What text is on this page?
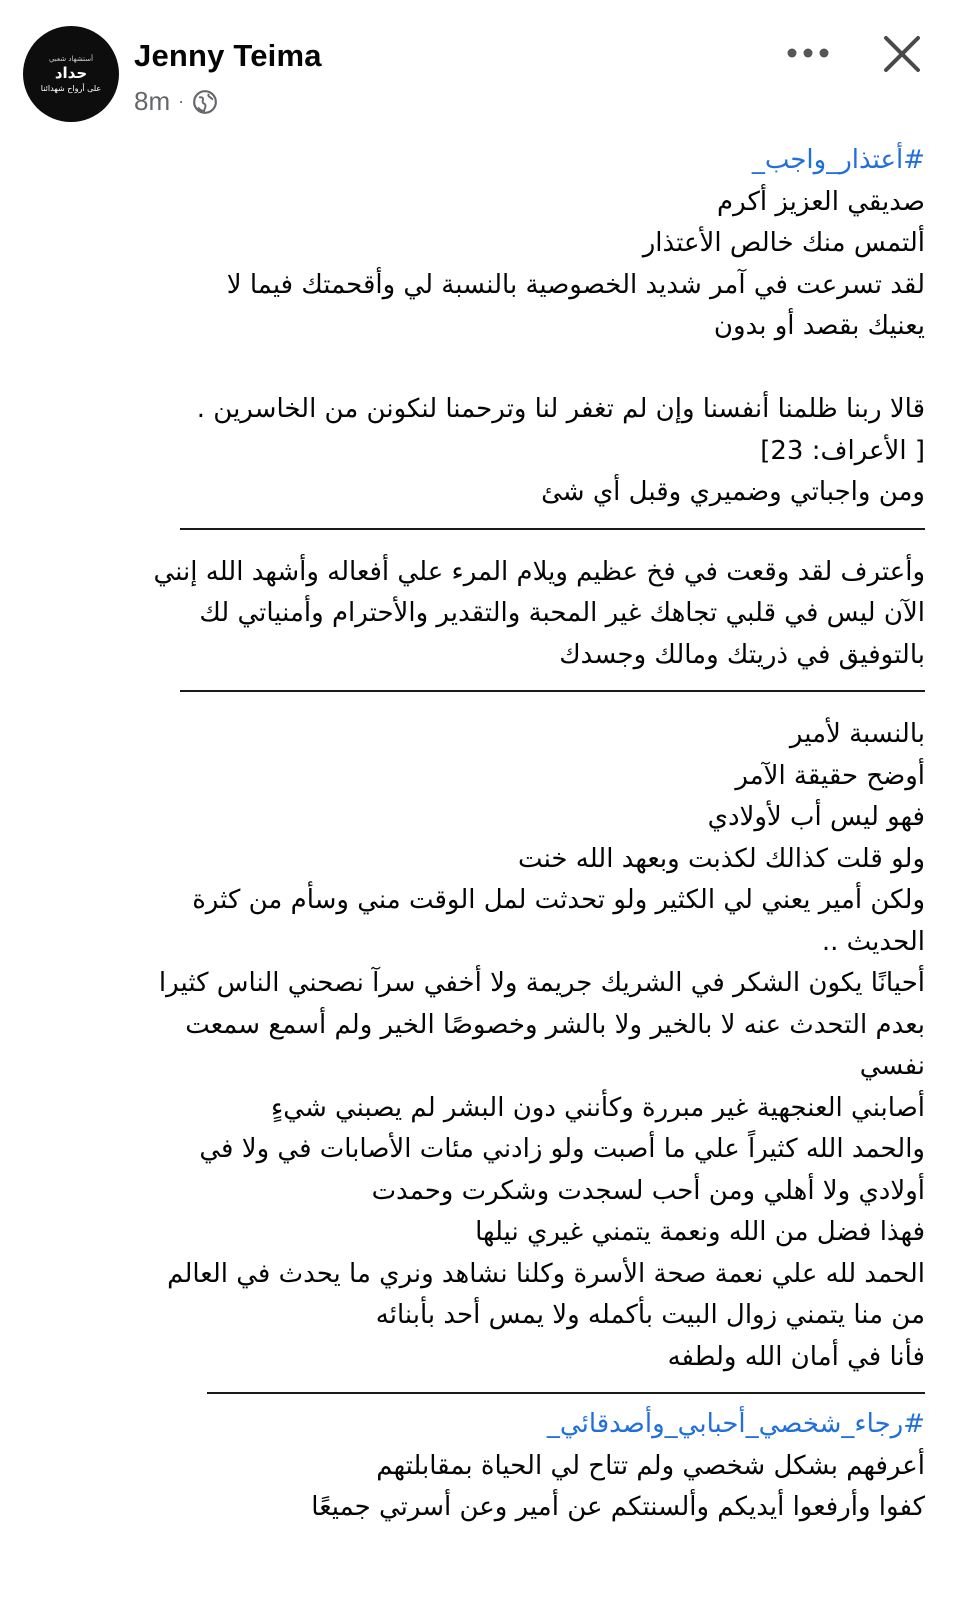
أستشهاد شعبي
حداد
على أرواح شهدائنا
Jenny Teima
8m ·
#أعتذار_واجب_
صديقي العزيز أكرم
ألتمس منك خالص الأعتذار
لقد تسرعت في آمر شديد الخصوصية بالنسبة لي وأقحمتك فيما لا
يعنيك بقصد أو بدون
قالا ربنا ظلمنا أنفسنا وإن لم تغفر لنا وترحمنا لنكونن من الخاسرين .
[ الأعراف: 23]
ومن واجباتي وضميري وقبل أي شئ
وأعترف لقد وقعت في فخ عظيم ويلام المرء علي أفعاله وأشهد الله إنني
الآن ليس في قلبي تجاهك غير المحبة والتقدير والأحترام وأمنياتي لك
بالتوفيق في ذريتك ومالك وجسدك
بالنسبة لأمير
أوضح حقيقة الآمر
فهو ليس أب لأولادي
ولو قلت كذالك لكذبت وبعهد الله خنت
ولكن أمير يعني لي الكثير ولو تحدثت لمل الوقت مني وسأم من كثرة
الحديث ..
أحيانًا يكون الشكر في الشريك جريمة ولا أخفي سرآ نصحني الناس كثيرا
بعدم التحدث عنه لا بالخير ولا بالشر وخصوصًا الخير ولم أسمع سمعت
نفسي
أصابني العنجهية غير مبررة وكأنني دون البشر لم يصبني شيءٍ
والحمد الله كثيراً علي ما أصبت ولو زادني مئات الأصابات في ولا في
أولادي ولا أهلي ومن أحب لسجدت وشكرت وحمدت
فهذا فضل من الله ونعمة يتمني غيري نيلها
الحمد لله علي نعمة صحة الأسرة وكلنا نشاهد ونري ما يحدث في العالم
من منا يتمني زوال البيت بأكمله ولا يمس أحد بأبنائه
فأنا في أمان الله ولطفه
#رجاء_شخصي_أحبابي_وأصدقائي_
أعرفهم بشكل شخصي ولم تتاح لي الحياة بمقابلتهم
كفوا وأرفعوا أيديكم وألسنتكم عن أمير وعن أسرتي جميعًا
